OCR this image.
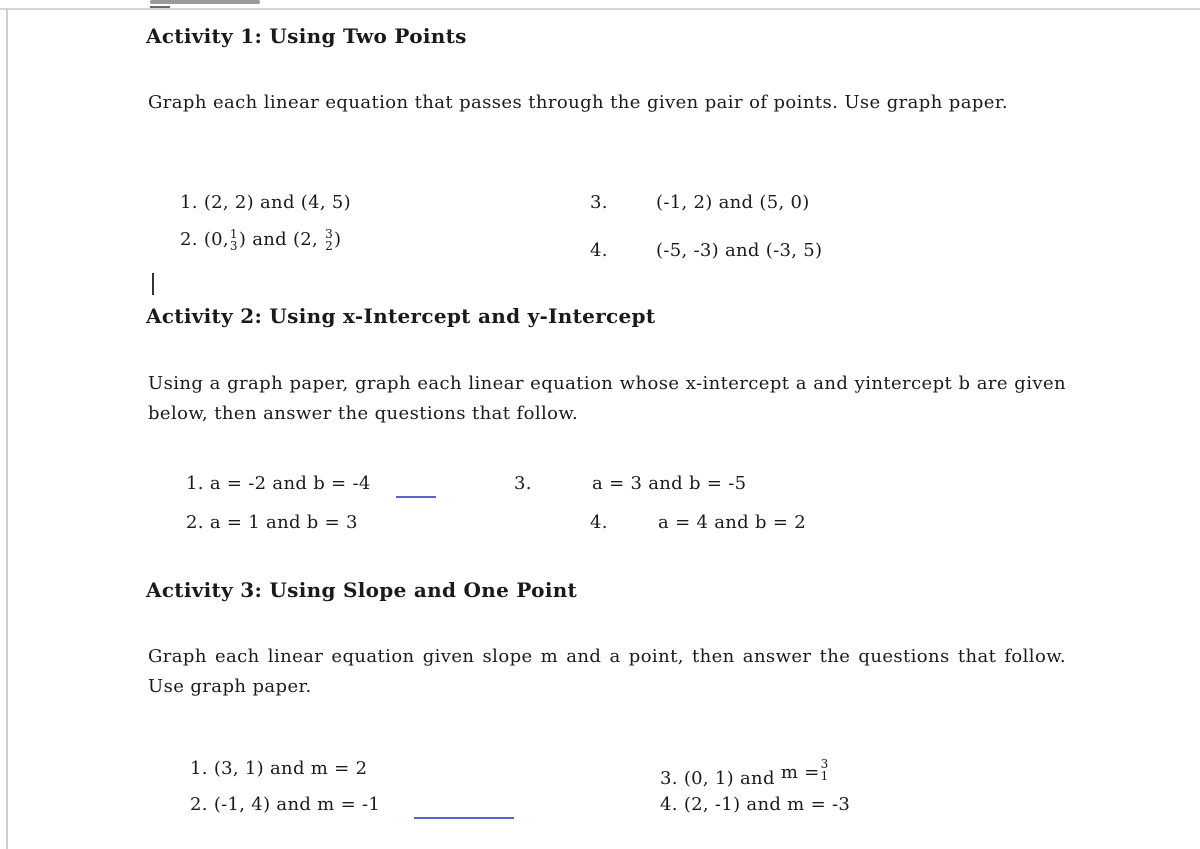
Activity 1: Using Two Points
Graph each linear equation that passes through the given pair of points. Use graph paper.
1. (2, 2) and (4, 5)
2. (0, 1
3 ) and (2, 3
2 )
3.	(-1, 2) and (5, 0)
4.	(-5, -3) and (-3, 5)
Activity 2: Using x-Intercept and y-Intercept
Using a graph paper, graph each linear equation whose x-intercept a and yintercept b are given below, then answer the questions that follow.
1. a = -2 and b = -4
2. a = 1 and b = 3
3.	a = 3 and b = -5
4.	a = 4 and b = 2
Activity 3: Using Slope and One Point
Graph each linear equation given slope m and a point, then answer the questions that follow. Use graph paper.
1. (3, 1) and m = 2
2. (-1, 4) and m = -1
3. (0, 1) and m = 3
1
4. (2, -1) and m = -3
